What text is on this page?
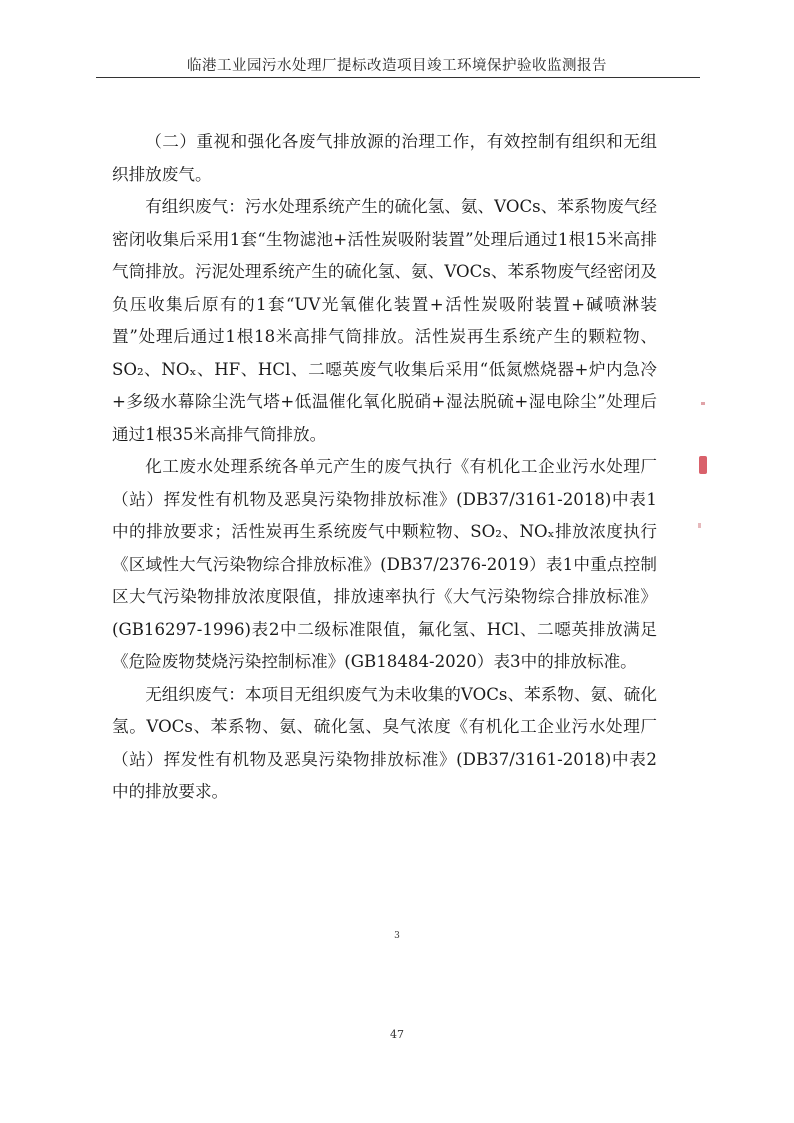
临港工业园污水处理厂提标改造项目竣工环境保护验收监测报告

（二）重视和强化各废气排放源的治理工作，有效控制有组织和无组织排放废气。

有组织废气：污水处理系统产生的硫化氢、氨、VOCs、苯系物废气经密闭收集后采用1套“生物滤池+活性炭吸附装置”处理后通过1根15米高排气筒排放。污泥处理系统产生的硫化氢、氨、VOCs、苯系物废气经密闭及负压收集后原有的1套“UV光氧催化装置+活性炭吸附装置+碱喷淋装置”处理后通过1根18米高排气筒排放。活性炭再生系统产生的颗粒物、SO₂、NOₓ、HF、HCl、二噁英废气收集后采用“低氮燃烧器+炉内急冷+多级水幕除尘洗气塔+低温催化氧化脱硝+湿法脱硫+湿电除尘”处理后通过1根35米高排气筒排放。

化工废水处理系统各单元产生的废气执行《有机化工企业污水处理厂（站）挥发性有机物及恶臭污染物排放标准》(DB37/3161-2018)中表1中的排放要求；活性炭再生系统废气中颗粒物、SO₂、NOₓ排放浓度执行《区域性大气污染物综合排放标准》(DB37/2376-2019）表1中重点控制区大气污染物排放浓度限值，排放速率执行《大气污染物综合排放标准》(GB16297-1996)表2中二级标准限值，氟化氢、HCl、二噁英排放满足《危险废物焚烧污染控制标准》(GB18484-2020）表3中的排放标准。

无组织废气：本项目无组织废气为未收集的VOCs、苯系物、氨、硫化氢。VOCs、苯系物、氨、硫化氢、臭气浓度《有机化工企业污水处理厂（站）挥发性有机物及恶臭污染物排放标准》(DB37/3161-2018)中表2中的排放要求。

3
47
